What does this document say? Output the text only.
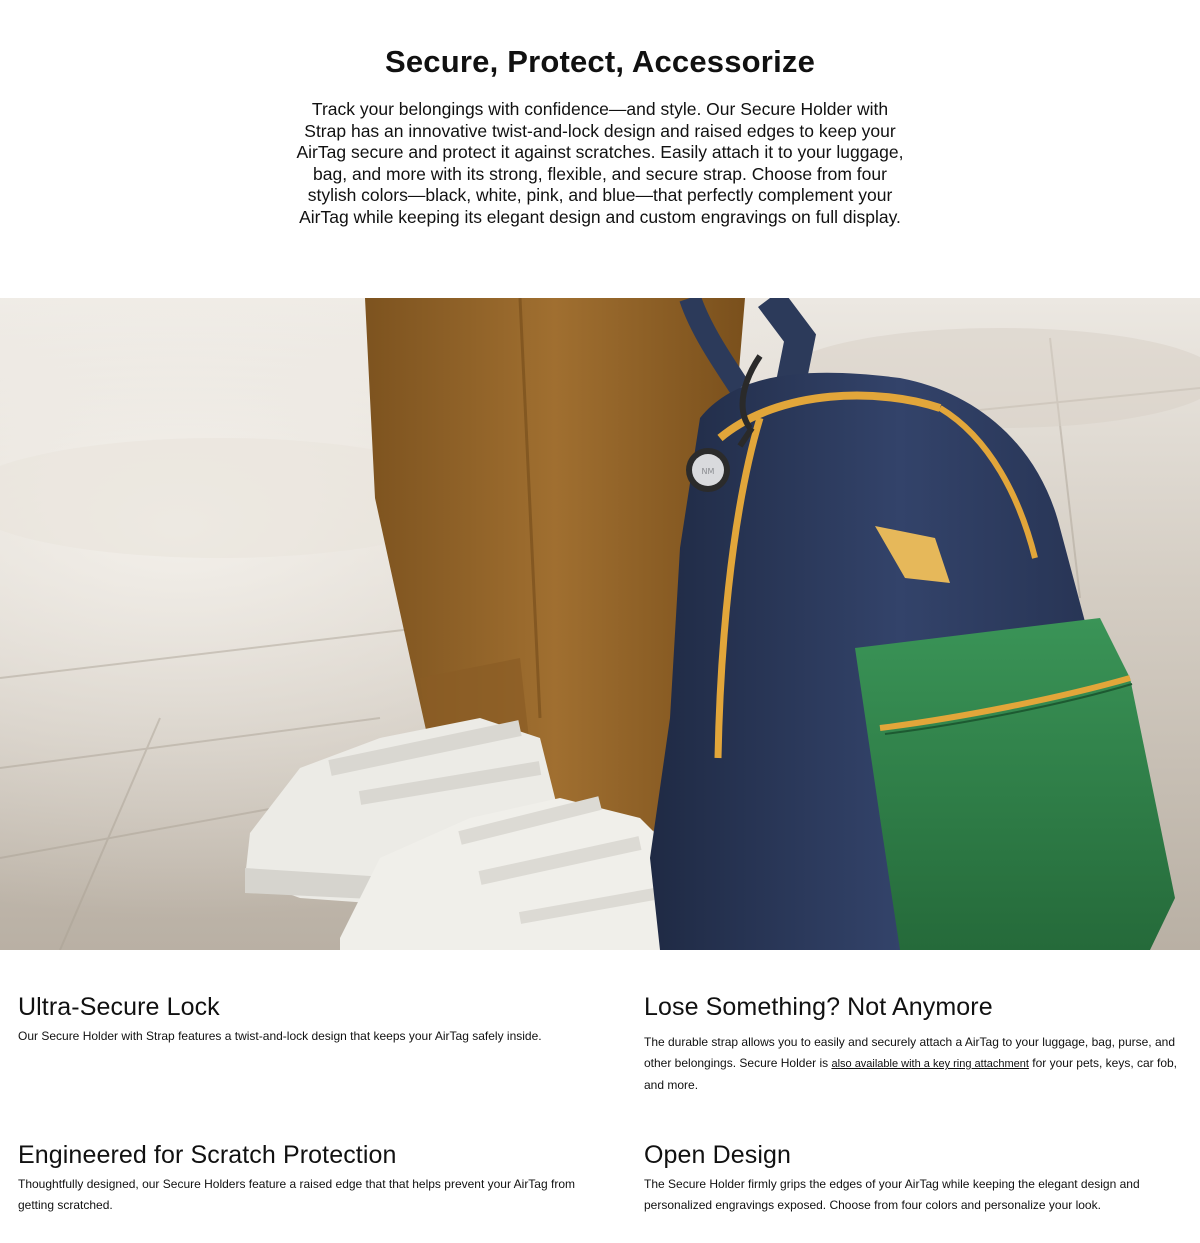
Secure, Protect, Accessorize

Track your belongings with confidence—and style. Our Secure Holder with Strap has an innovative twist-and-lock design and raised edges to keep your AirTag secure and protect it against scratches. Easily attach it to your luggage, bag, and more with its strong, flexible, and secure strap. Choose from four stylish colors—black, white, pink, and blue—that perfectly complement your AirTag while keeping its elegant design and custom engravings on full display.

NM
Ultra-Secure Lock

Our Secure Holder with Strap features a twist-and-lock design that keeps your AirTag safely inside.

Lose Something? Not Anymore

The durable strap allows you to easily and securely attach a AirTag to your luggage, bag, purse, and other belongings. Secure Holder is also available with a key ring attachment for your pets, keys, car fob, and more.

Engineered for Scratch Protection

Thoughtfully designed, our Secure Holders feature a raised edge that that helps prevent your AirTag from getting scratched.

Open Design

The Secure Holder firmly grips the edges of your AirTag while keeping the elegant design and personalized engravings exposed. Choose from four colors and personalize your look.
